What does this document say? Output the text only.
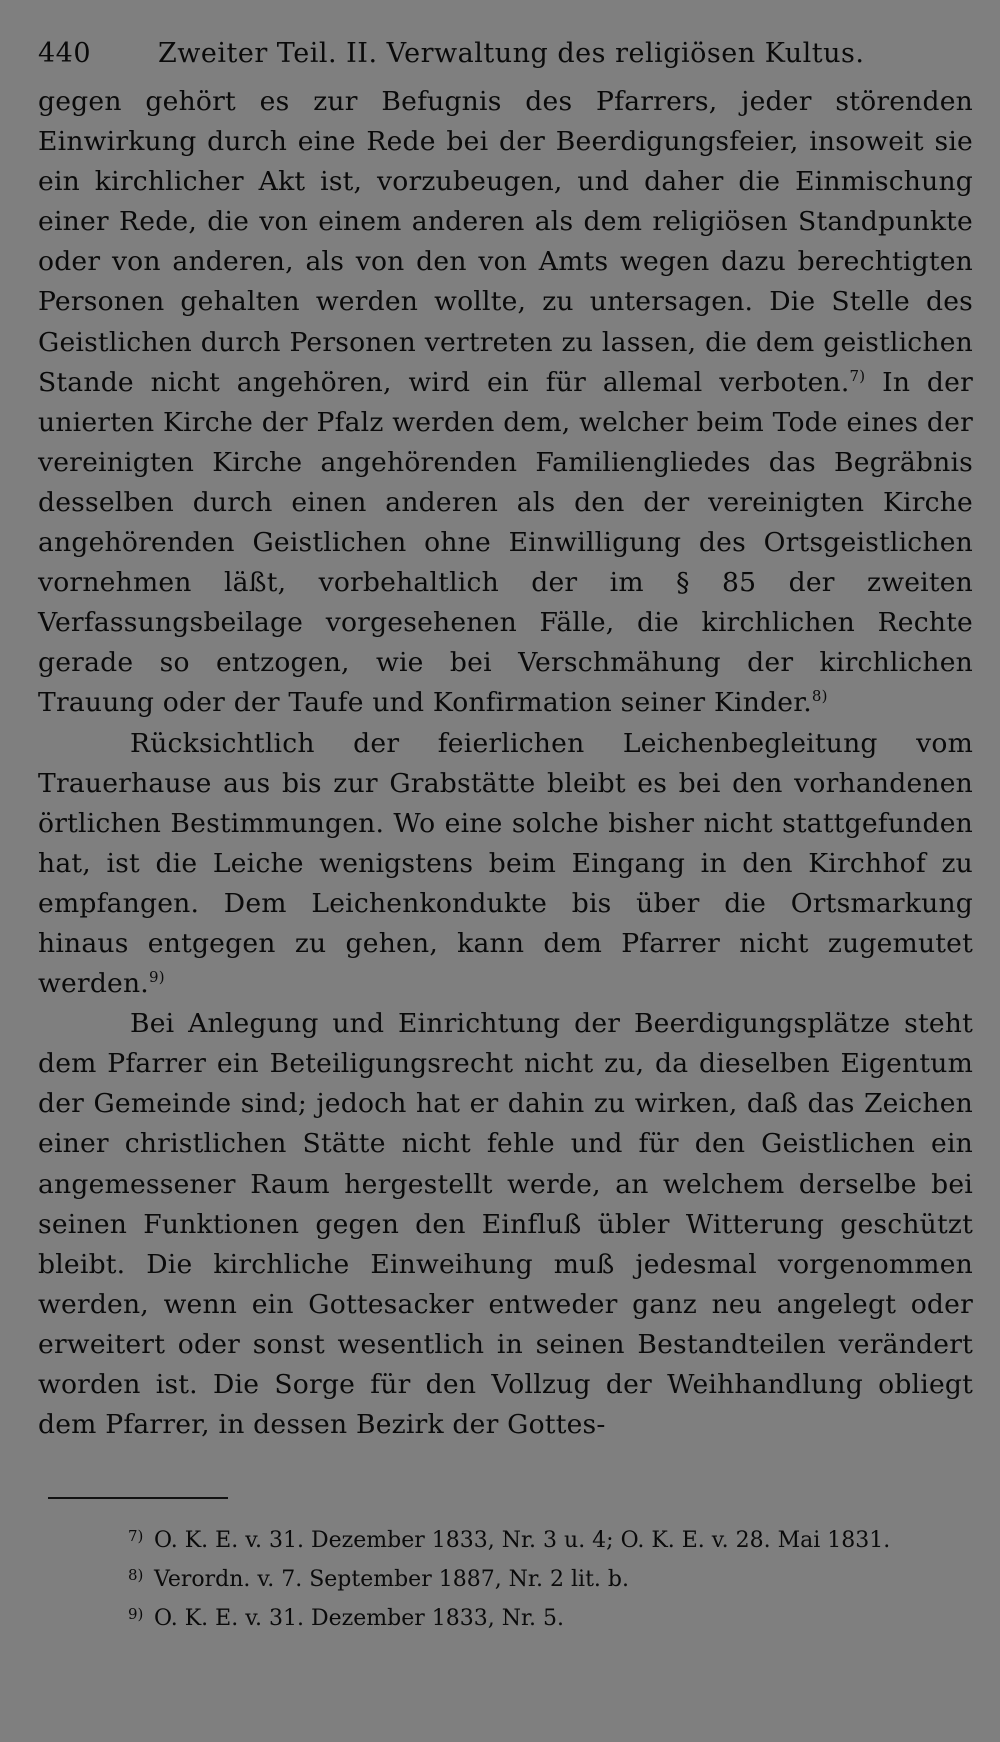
440 Zweiter Teil. II. Verwaltung des religiösen Kultus.

gegen gehört es zur Befugnis des Pfarrers, jeder störenden Einwirkung durch eine Rede bei der Beerdigungsfeier, insoweit sie ein kirchlicher Akt ist, vorzubeugen, und daher die Einmischung einer Rede, die von einem anderen als dem religiösen Standpunkte oder von anderen, als von den von Amts wegen dazu berechtigten Personen gehalten werden wollte, zu untersagen. Die Stelle des Geistlichen durch Personen vertreten zu lassen, die dem geistlichen Stande nicht angehören, wird ein für allemal verboten.$^{7)}$ In der unierten Kirche der Pfalz werden dem, welcher beim Tode eines der vereinigten Kirche angehörenden Familiengliedes das Begräbnis desselben durch einen anderen als den der vereinigten Kirche angehörenden Geistlichen ohne Einwilligung des Ortsgeistlichen vornehmen läßt, vorbehaltlich der im § 85 der zweiten Verfassungsbeilage vorgesehenen Fälle, die kirchlichen Rechte gerade so entzogen, wie bei Verschmähung der kirchlichen Trauung oder der Taufe und Konfirmation seiner Kinder.$^{8)}$

Rücksichtlich der feierlichen Leichenbegleitung vom Trauerhause aus bis zur Grabstätte bleibt es bei den vorhandenen örtlichen Bestimmungen. Wo eine solche bisher nicht stattgefunden hat, ist die Leiche wenigstens beim Eingang in den Kirchhof zu empfangen. Dem Leichenkondukte bis über die Ortsmarkung hinaus entgegen zu gehen, kann dem Pfarrer nicht zugemutet werden.$^{9)}$

Bei Anlegung und Einrichtung der Beerdigungsplätze steht dem Pfarrer ein Beteiligungsrecht nicht zu, da dieselben Eigentum der Gemeinde sind; jedoch hat er dahin zu wirken, daß das Zeichen einer christlichen Stätte nicht fehle und für den Geistlichen ein angemessener Raum hergestellt werde, an welchem derselbe bei seinen Funktionen gegen den Einfluß übler Witterung geschützt bleibt. Die kirchliche Einweihung muß jedesmal vorgenommen werden, wenn ein Gottesacker entweder ganz neu angelegt oder erweitert oder sonst wesentlich in seinen Bestandteilen verändert worden ist. Die Sorge für den Vollzug der Weihhandlung obliegt dem Pfarrer, in dessen Bezirk der Gottes-

7) O. K. E. v. 31. Dezember 1833, Nr. 3 u. 4; O. K. E. v. 28. Mai 1831.
8) Verordn. v. 7. September 1887, Nr. 2 lit. b.
9) O. K. E. v. 31. Dezember 1833, Nr. 5.
